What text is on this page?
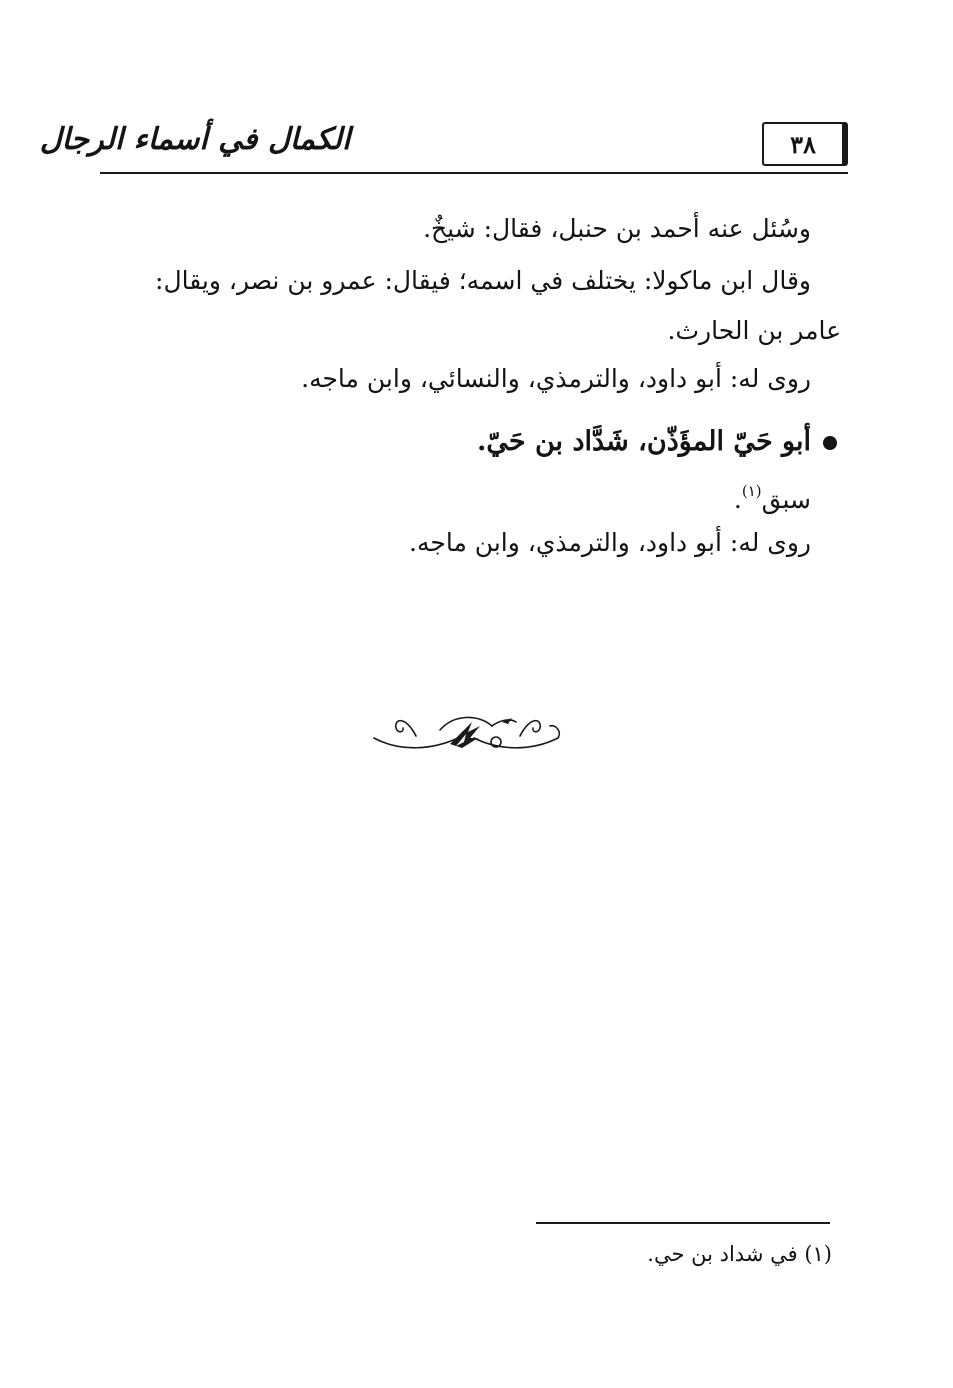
الكمال في أسماء الرجال	٣٨
وسُئل عنه أحمد بن حنبل، فقال: شيخٌ.
وقال ابن ماكولا: يختلف في اسمه؛ فيقال: عمرو بن نصر، ويقال:
عامر بن الحارث.
روى له: أبو داود، والترمذي، والنسائي، وابن ماجه.
أبو حَيّ المؤَذّن، شَدَّاد بن حَيّ.
سبق$^{(١)}$.
روى له: أبو داود، والترمذي، وابن ماجه.
(١) في شداد بن حي.
